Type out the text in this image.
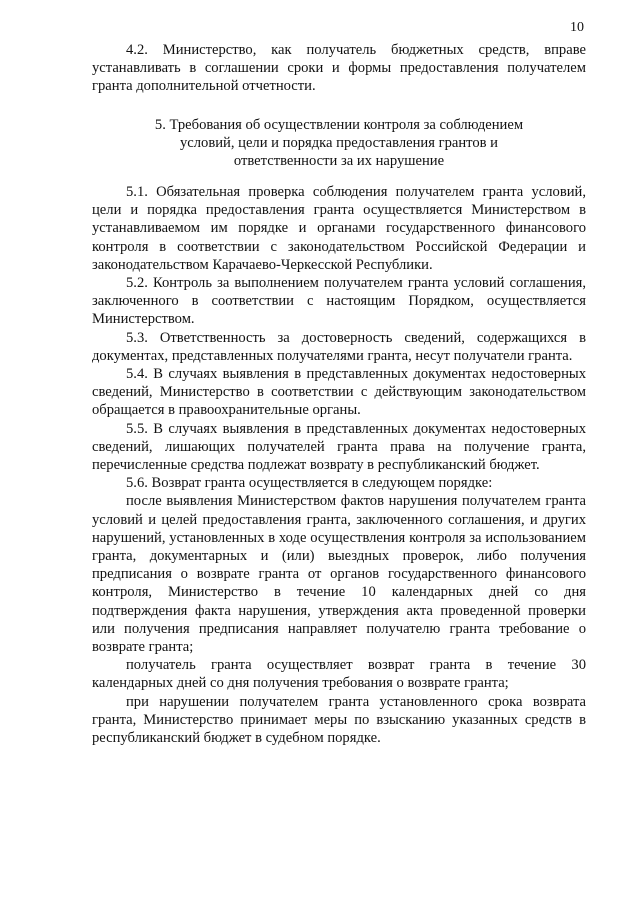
10

4.2. Министерство, как получатель бюджетных средств, вправе устанавливать в соглашении сроки и формы предоставления получателем гранта дополнительной отчетности.

5. Требования об осуществлении контроля за соблюдением
условий, цели и порядка предоставления грантов и
ответственности за их нарушение

5.1. Обязательная проверка соблюдения получателем гранта условий, цели и порядка предоставления гранта осуществляется Министерством в устанавливаемом им порядке и органами государственного финансового контроля в соответствии с законодательством Российской Федерации и законодательством Карачаево-Черкесской Республики.

5.2. Контроль за выполнением получателем гранта условий соглашения, заключенного в соответствии с настоящим Порядком, осуществляется Министерством.

5.3. Ответственность за достоверность сведений, содержащихся в документах, представленных получателями гранта, несут получатели гранта.

5.4. В случаях выявления в представленных документах недостоверных сведений, Министерство в соответствии с действующим законодательством обращается в правоохранительные органы.

5.5. В случаях выявления в представленных документах недостоверных сведений, лишающих получателей гранта права на получение гранта, перечисленные средства подлежат возврату в республиканский бюджет.

5.6. Возврат гранта осуществляется в следующем порядке:

после выявления Министерством фактов нарушения получателем гранта условий и целей предоставления гранта, заключенного соглашения, и других нарушений, установленных в ходе осуществления контроля за использованием гранта, документарных и (или) выездных проверок, либо получения предписания о возврате гранта от органов государственного финансового контроля, Министерство в течение 10 календарных дней со дня подтверждения факта нарушения, утверждения акта проведенной проверки или получения предписания направляет получателю гранта требование о возврате гранта;

получатель гранта осуществляет возврат гранта в течение 30 календарных дней со дня получения требования о возврате гранта;

при нарушении получателем гранта установленного срока возврата гранта, Министерство принимает меры по взысканию указанных средств в республиканский бюджет в судебном порядке.
